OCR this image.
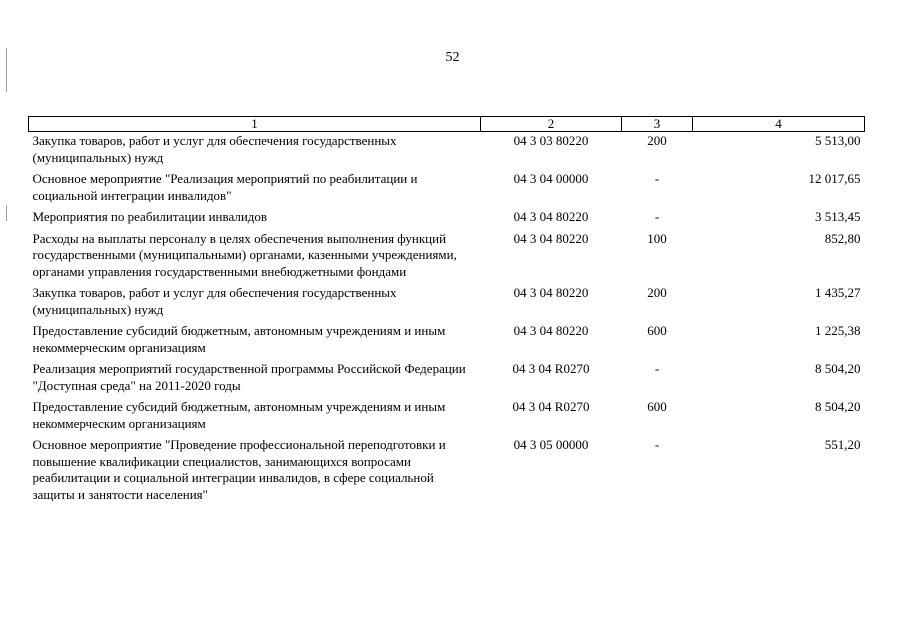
52
1	2	3	4
Закупка товаров, работ и услуг для обеспечения государственных (муниципальных) нужд	04 3 03 80220	200	5 513,00
Основное мероприятие "Реализация мероприятий по реабилитации и социальной интеграции инвалидов"	04 3 04 00000	-	12 017,65
Мероприятия по реабилитации инвалидов	04 3 04 80220	-	3 513,45
Расходы на выплаты персоналу в целях обеспечения выполнения функций государственными (муниципальными) органами, казенными учреждениями, органами управления государственными внебюджетными фондами	04 3 04 80220	100	852,80
Закупка товаров, работ и услуг для обеспечения государственных (муниципальных) нужд	04 3 04 80220	200	1 435,27
Предоставление субсидий бюджетным, автономным учреждениям и иным некоммерческим организациям	04 3 04 80220	600	1 225,38
Реализация мероприятий государственной программы Российской Федерации "Доступная среда" на 2011-2020 годы	04 3 04 R0270	-	8 504,20
Предоставление субсидий бюджетным, автономным учреждениям и иным некоммерческим организациям	04 3 04 R0270	600	8 504,20
Основное мероприятие "Проведение профессиональной переподготовки и повышение квалификации специалистов, занимающихся вопросами реабилитации и социальной интеграции инвалидов, в сфере социальной защиты и занятости населения"	04 3 05 00000	-	551,20
